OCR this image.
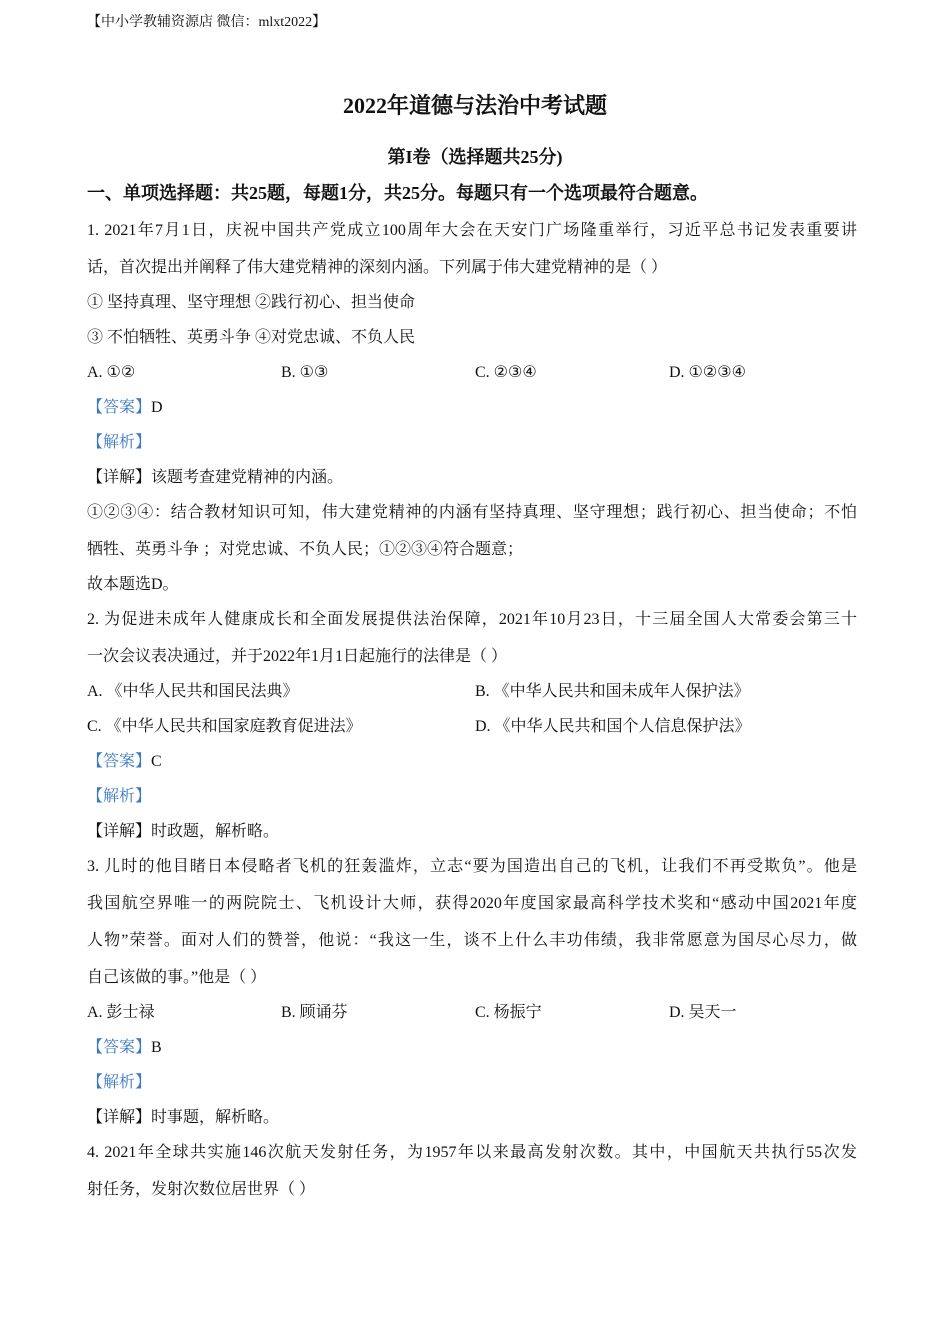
【中小学教辅资源店 微信：mlxt2022】
2022年道德与法治中考试题
第I卷（选择题共25分)
一、单项选择题：共25题，每题1分，共25分。每题只有一个选项最符合题意。
1. 2021年7月1日，庆祝中国共产党成立100周年大会在天安门广场隆重举行，习近平总书记发表重要讲
话，首次提出并阐释了伟大建党精神的深刻内涵。下列属于伟大建党精神的是（ ）
① 坚持真理、坚守理想 ②践行初心、担当使命
③ 不怕牺牲、英勇斗争 ④对党忠诚、不负人民
A. ①②	B. ①③	C. ②③④	D. ①②③④
【答案】D
【解析】
【详解】该题考查建党精神的内涵。
①②③④：结合教材知识可知，伟大建党精神的内涵有坚持真理、坚守理想；践行初心、担当使命；不怕
牺牲、英勇斗争 ；对党忠诚、不负人民；①②③④符合题意；
故本题选D。
2. 为促进未成年人健康成长和全面发展提供法治保障，2021年10月23日，十三届全国人大常委会第三十
一次会议表决通过，并于2022年1月1日起施行的法律是（ ）
A. 《中华人民共和国民法典》	B. 《中华人民共和国未成年人保护法》
C. 《中华人民共和国家庭教育促进法》	D. 《中华人民共和国个人信息保护法》
【答案】C
【解析】
【详解】时政题，解析略。
3. 儿时的他目睹日本侵略者飞机的狂轰滥炸，立志“要为国造出自己的飞机，让我们不再受欺负”。他是
我国航空界唯一的两院院士、飞机设计大师，获得2020年度国家最高科学技术奖和“感动中国2021年度
人物”荣誉。面对人们的赞誉，他说：“我这一生，谈不上什么丰功伟绩，我非常愿意为国尽心尽力，做
自己该做的事。”他是（ ）
A. 彭士禄	B. 顾诵芬	C. 杨振宁	D. 吴天一
【答案】B
【解析】
【详解】时事题，解析略。
4. 2021年全球共实施146次航天发射任务，为1957年以来最高发射次数。其中，中国航天共执行55次发
射任务，发射次数位居世界（ ）
